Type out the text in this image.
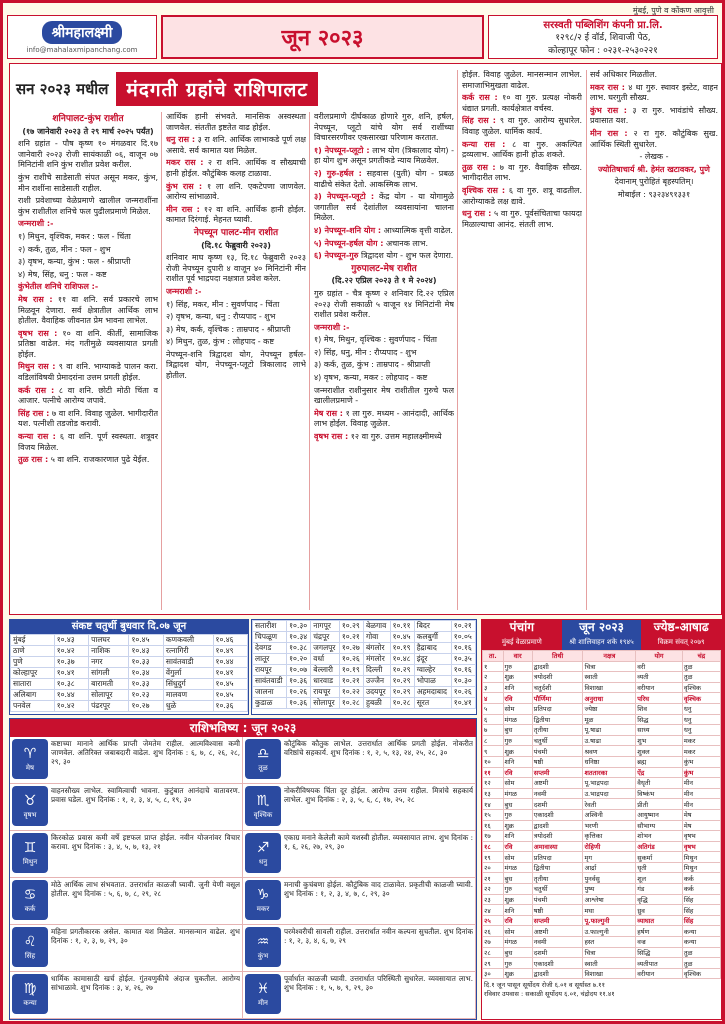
मुंबई, पुणे व कोंकण आवृत्ती
श्रीमहालक्ष्मी
info@mahalaxmipanchang.com	जून २०२३
सरस्वती पब्लिशिंग कंपनी प्रा.लि.
१२९८/२ ई वॉर्ड, शिवाजी पेठ,
कोल्हापूर फोन : ०२३१-२५३०२२१
सन २०२३ मधील मंदगती ग्रहांचे राशिपालट
शनिपालट-कुंभ राशीत
(१७ जानेवारी २०२३ ते २९ मार्च २०२५ पर्यंत)

शनि ग्रहांत - पौष कृष्ण १० मंगळवार दि.१७ जानेवारी २०२३ रोजी सायंकाळी ०६, वाजून ०७ मिनिटांनी शनि कुंभ राशीत प्रवेश करील.

कुंभ राशीचे साडेसाती संपत असून मकर, कुंभ, मीन राशींना साडेसाती राहील.

राशी प्रवेशाच्या वेळेप्रमाणे खालील जन्मराशींना कुंभ राशीतील शनिचे फल पुढीलप्रमाणे मिळेल.

जन्मराशी :-

१) मिथुन, वृश्चिक, मकर : फल - चिंता

२) कर्क, तुळ, मीन : फल - शुभ

३) वृषभ, कन्या, कुंभ : फल - श्रीप्राप्ती

४) मेष, सिंह, धनु : फल - कष्ट

कुंभेतील शनिचे राशिफल :-

मेष रास : ११ वा शनि. सर्व प्रकारचे लाभ मिळवून देणारा. सर्व क्षेत्रातील आर्थिक लाभ होतील. वैवाहिक जीवनात प्रेम भावना लाभेल.

वृषभ रास : १० वा शनि. कीर्ती, सामाजिक प्रतिष्ठा वाढेल. मंद गतीमुळे व्यवसायात प्रगती होईल.

मिथुन रास : ९ वा शनि. भाग्याकडे पालन करा. वडिलांविषयी प्रेमादरांना उत्तम प्रगती होईल.

कर्क रास : ८ वा शनि. छोटी मोठी चिंता व आजार. पत्नीचे आरोग्य जपावे.

सिंह रास : ७ वा शनि. विवाह जुळेल. भागीदारीत यश. पत्नीशी तडजोड करावी.

कन्या रास : ६ वा शनि. पूर्ण स्वस्थता. शत्रूवर विजय मिळेल.

तुळ रास : ५ वा शनि. राजकारणात पुढे येईल.

आर्थिक हानी संभवते. मानसिक अस्वस्थता जाणवेल. संततीत इष्टतेत वाढ होईल.

धनु रास : ३ रा शनि. आर्थिक लाभाकडे पूर्ण लक्ष असावे. सर्व कामात यश मिळेल.

मकर रास : २ रा शनि. आर्थिक व सौख्याची हानी होईल. कौटुंबिक कलह टाळावा.

कुंभ रास : १ ला शनि. एकटेपणा जाणवेल. आरोग्य सांभाळावे.

मीन रास : १२ वा शनि. आर्थिक हानी होईल. कामात दिरंगाई. मेहनत घ्यावी.

नेपच्यून पालट-मीन राशीत
(दि.१८ फेब्रुवारी २०२३)

शनिवार माघ कृष्ण १३, दि.१८ फेब्रुवारी २०२३ रोजी नेपच्यून दुपारी ४ वाजून ४० मिनिटांनी मीन राशीत पूर्व भाद्रपदा नक्षत्रात प्रवेश करेल.

जन्मराशी :-

१) सिंह, मकर, मीन : सुवर्णपाद - चिंता

२) वृषभ, कन्या, धनु : रौप्यपाद - शुभ

३) मेष, कर्क, वृश्चिक : ताम्रपाद - श्रीप्राप्ती

४) मिथुन, तुळ, कुंभ : लोहपाद - कष्ट

नेपच्यून-शनि त्रिद्वादश योग, नेपच्यून हर्षल-त्रिद्वादश योग, नेपच्यून-प्लूटो त्रिकालाद लाभे होतील.

वरीलप्रमाणे दीर्घकाळ होणारे गुरु, शनि, हर्षल, नेपच्यून, प्लूटो यांचे योग सर्व राशींच्या विचारसरणीवर एकसारखा परिणाम करतात.

१) नेपच्यून-प्लूटो : लाभ योग (त्रिकालाद योग) - हा योग शुभ असून प्रगतीकडे न्याय मिळवेल.

२) गुरु-हर्षल : सहवास (युती) योग - प्रबळ वाढीचे संकेत देतो. आकस्मिक लाभ.

३) नेपच्यून-प्लूटो : केंद्र योग - या योगामुळे जगातील सर्व देशांतील व्यवसायांना चालना मिळेल.

४) नेपच्यून-शनि योग : आध्यात्मिक वृत्ती वाढेल.

५) नेपच्यून-हर्षल योग : अचानक लाभ.

६) नेपच्यून-गुरु त्रिद्वादश योग - शुभ फल देणारा.

गुरुपालट-मेष राशीत
(दि.२२ एप्रिल २०२३ ते १ मे २०२४)

गुरु ग्रहांत - चैत्र कृष्ण २ शनिवार दि.२२ एप्रिल २०२३ रोजी सकाळी ५ वाजून १४ मिनिटांनी मेष राशीत प्रवेश करील.

जन्मराशी :-

१) मेष, मिथुन, वृश्चिक : सुवर्णपाद - चिंता

२) सिंह, धनु, मीन : रौप्यपाद - शुभ

३) कर्क, तुळ, कुंभ : ताम्रपाद - श्रीप्राप्ती

४) वृषभ, कन्या, मकर : लोहपाद - कष्ट

जन्मराशीत राशीनुसार मेष राशीतील गुरुचे फल खालीलप्रमाणे -

मेष रास : १ ला गुरु. मध्यम - आनंदादी, आर्थिक लाभ होईल. विवाह जुळेल.

वृषभ रास : १२ वा गुरु. उत्तम महालक्ष्मीमध्ये

होईल. विवाह जुळेल. मानसन्मान लाभेल. समाजाभिमुखता वाढेल.

कर्क रास : १० वा गुरु. प्रत्यक्ष नोकरी धंद्यात प्रगती. कार्यक्षेत्रात वर्चस्व.

सिंह रास : ९ वा गुरु. आरोग्य सुधारेल. विवाह जुळेल. धार्मिक कार्य.

कन्या रास : ८ वा गुरु. अकल्पित द्रव्यलाभ. आर्थिक हानी होऊ शकते.

तुळ रास : ७ वा गुरु. वैवाहिक सौख्य. भागीदारीत लाभ.

वृश्चिक रास : ६ वा गुरु. शत्रू वाढतील. आरोग्याकडे लक्ष द्यावे.

धनु रास : ५ वा गुरु. पूर्वसंचिताचा फायदा मिळाल्याचा आनंद. संतती लाभ.

सर्व अधिकार मिळतील.

मकर रास : ४ था गुरु. स्थावर इस्टेट, वाहन लाभ. घरगुती सौख्य.

कुंभ रास : ३ रा गुरु. भावंडांचे सौख्य. प्रवासात यश.

मीन रास : २ रा गुरु. कौटुंबिक सुख. आर्थिक स्थिती सुधारेल.

- लेखक -

ज्योतिषाचार्य श्री. हेमंत खटावकर, पुणे

देवानाम् पुरोहितं बृहस्पतिम्।

मोबाईल : ९३२३४९१३३१

संकष्ट चतुर्थी बुधवार दि.०७ जून
मुंबई	१०.४३	पालघर	१०.४५	कणकवली	१०.४६
ठाणे	१०.४२	नाशिक	१०.४३	रत्नागिरी	१०.४९
पुणे	१०.३७	नगर	१०.३३	सावंतवाडी	१०.४४
कोल्हापूर	१०.४१	सांगली	१०.३४	वेंगुर्ला	१०.४१
सातारा	१०.३८	बारामती	१०.३३	सिंधुदुर्ग	१०.४५
अलिबाग	१०.४४	सोलापूर	१०.२३	मालवण	१०.४५
पनवेल	१०.४२	पंढरपूर	१०.२७	धुळे	१०.३६
सतारीश	१०.३०	नागपूर	१०.२९	बेळगाव	१०.११	बिदर	१०.२१
चिपळूण	१०.३४	चंद्रपूर	१०.२१	गोवा	१०.४५	कलबुर्गी	१०.०५
देवगड	१०.३८	जगलपूर	१०.२७	बंगलोर	१०.१९	हैद्राबाद	१०.१६
लातूर	१०.२०	वर्धा	१०.२६	मंगलोर	१०.४८	इंदूर	१०.३५
रायपूर	१०.०७	बेल्लारी	१०.१९	दिल्ली	१०.२९	ग्वाल्हेर	१०.१६
सावंतवाडी	१०.३६	धारवाड	१०.२१	उज्जैन	१०.२९	भोपाळ	१०.३०
जालना	१०.२६	रायचूर	१०.२२	उदयपूर	१०.२९	अहमदाबाद	१०.२६
कुडाळ	१०.३६	सोलापूर	१०.२८	हुबळी	१०.२८	सूरत	१०.४१
राशिभविष्य : जून २०२३
♈
मेष
कष्टाच्या मानाने आर्थिक प्राप्ती जेमतेम राहील. आत्मविश्वास कमी जाणवेल. अतिरिक्त जबाबदारी वाढेल. शुभ दिनांक : ६, ७, ८, २६, २८, २९, ३०	♎
तूळ
कौटुंबिक कौतुक लाभेल. उत्तरार्धात आर्थिक प्रगती होईल. नोकरीत वरिष्ठांचे सहकार्य. शुभ दिनांक : १, २, ५, १३, २४, २५, २८, ३०
♉
वृषभ
वाहनसौख्य लाभेल. स्वामित्वाची भावना. कुटुंबात आनंदाचे वातावरण. प्रवास घडेल. शुभ दिनांक : १, २, ३, ४, ५, ८, १९, ३०	♏
वृश्चिक
नोकरीविषयक चिंता दूर होईल. आरोग्य उत्तम राहील. मित्रांचे सहकार्य लाभेल. शुभ दिनांक : २, ३, ५, ६, ८, १७, २५, २८
♊
मिथुन
किरकोळ प्रवास कमी वर्षे इष्टफल प्राप्त होईल. नवीन योजनांवर विचार करावा. शुभ दिनांक : ३, ४, ५, ७, १३, २१	♐
धनु
एकाग्र मनाने केलेली कामे यशस्वी होतील. व्यवसायात लाभ. शुभ दिनांक : १, ६, २६, २७, २९, ३०
♋
कर्क
मोठे आर्थिक लाभ संभवतात. उत्तरार्धात काळजी घ्यावी. जुनी येणी वसूल होतील. शुभ दिनांक : ५, ६, ७, ८, २९, २८	♑
मकर
मनाची कुचंबणा होईल. कौटुंबिक वाद टाळावेत. प्रकृतीची काळजी घ्यावी. शुभ दिनांक : १, २, ३, ४, ७, ८, २९, ३०
♌
सिंह
महिना प्रगतीकारक असेल. कामात यश मिळेल. मानसन्मान वाढेल. शुभ दिनांक : १, २, ३, ७, २९, ३०	♒
कुंभ
परमेश्वरीची सावली राहील. उत्तरार्धात नवीन कल्पना सुचतील. शुभ दिनांक : १, २, ३, ४, ६, ७, २९
♍
कन्या
धार्मिक कामासाठी खर्च होईल. गुंतवणुकीचे अंदाज चुकतील. आरोग्य सांभाळावे. शुभ दिनांक : ३, ४, २६, २७	♓
मीन
पूर्वार्धात काळजी घ्यावी. उत्तरार्धात परिस्थिती सुधारेल. व्यवसायात लाभ. शुभ दिनांक : १, ५, ७, ९, २९, ३०
पंचांग
मुंबई वेळाप्रमाणे
जून २०२३
श्री शालिवाहन शके १९४५
ज्येष्ठ-आषाढ
विक्रम संवत् २०७९
ता.	वार	तिथी	नक्षत्र	योग	चंद्र
१	गुरु	द्वादशी	चित्रा	वरी	तुळ
२	शुक्र	त्रयोदशी	स्वाती	व्यती	तुळ
३	शनि	चतुर्दशी	विशाखा	वरीयान	वृश्चिक
४	रवि	पौर्णिमा	अनुराधा	परिघ	वृश्चिक
५	सोम	प्रतिपदा	ज्येष्ठा	शिव	धनु
६	मंगळ	द्वितीया	मूळ	सिद्ध	धनु
७	बुध	तृतीया	पू.षाढा	साध्य	धनु
८	गुरु	चतुर्थी	उ.षाढा	शुभ	मकर
९	शुक्र	पंचमी	श्रवण	शुक्ल	मकर
१०	शनि	षष्ठी	धनिष्ठा	ब्रह्म	कुंभ
११	रवि	सप्तमी	शततारका	ऐंद्र	कुंभ
१२	सोम	अष्टमी	पू.भाद्रपदा	वैधृती	मीन
१३	मंगळ	नवमी	उ.भाद्रपदा	विष्कंभ	मीन
१४	बुध	दशमी	रेवती	प्रीती	मीन
१५	गुरु	एकादशी	अश्विनी	आयुष्मान	मेष
१६	शुक्र	द्वादशी	भरणी	सौभाग्य	मेष
१७	शनि	त्रयोदशी	कृत्तिका	शोभन	वृषभ
१८	रवि	अमावास्या	रोहिणी	अतिगंड	वृषभ
१९	सोम	प्रतिपदा	मृग	सुकर्मा	मिथुन
२०	मंगळ	द्वितीया	आर्द्रा	धृती	मिथुन
२१	बुध	तृतीया	पुनर्वसु	शूल	कर्क
२२	गुरु	चतुर्थी	पुष्य	गंड	कर्क
२३	शुक्र	पंचमी	आश्लेषा	वृद्धि	सिंह
२४	शनि	षष्ठी	मघा	ध्रुव	सिंह
२५	रवि	सप्तमी	पू.फाल्गुनी	व्याघात	सिंह
२६	सोम	अष्टमी	उ.फाल्गुनी	हर्षण	कन्या
२७	मंगळ	नवमी	हस्त	वज्र	कन्या
२८	बुध	दशमी	चित्रा	सिद्धि	तुळ
२९	गुरु	एकादशी	स्वाती	व्यतीपात	तुळ
३०	शुक्र	द्वादशी	विशाखा	वरीयान	वृश्चिक
दि.१ जून पासून सूर्योदय रोजी ६.०१ व सूर्यास्त ७.११
रविवार उपवास : सकाळी सूर्योदय ६.०१, चंद्रोदय ११.४१
